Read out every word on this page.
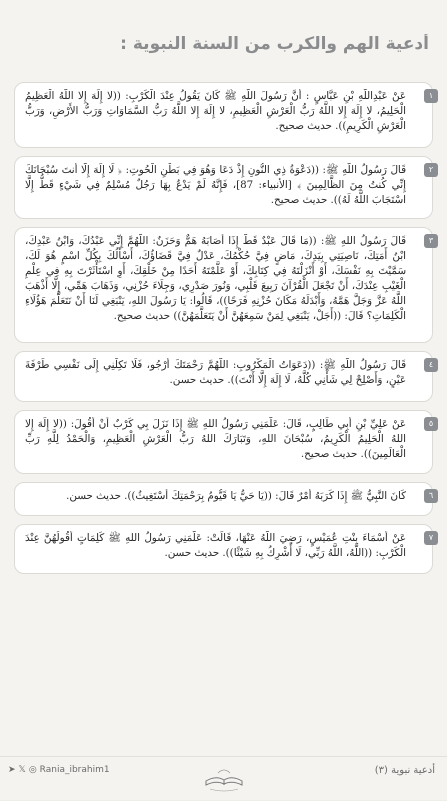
أدعية الهم والكرب من السنة النبوية :
١
عَنْ عَبْدِاللَّهِ بْنِ عَبَّاسٍ : أَنَّ رَسُولَ اللَّهِ ﷺ كَانَ يَقُولُ عِنْدَ الْكَرْبِ: ((لا إِلَهَ إِلا اللَّهُ الْعَظِيمُ الْحَلِيمُ، لا إِلَهَ إِلا اللَّهُ رَبُّ الْعَرْشِ الْعَظِيمِ، لا إِلَهَ إِلا اللَّهُ رَبُّ السَّمَاوَاتِ وَرَبُّ الأَرْضِ، وَرَبُّ الْعَرْشِ الْكَرِيمِ)). حديث صحيح.
٢
قَالَ رَسُولُ اللَّهِ ﷺ: ((دَعْوَةُ ذِي النُّونِ إِذْ دَعَا وَهُوَ فِي بَطْنِ الْحُوتِ: ﴿ لَا إِلَهَ إِلَّا أَنتَ سُبْحَانَكَ إِنِّي كُنتُ مِنَ الظَّالِمِينَ ﴾ [الأنبياء: 87]، فَإِنَّهُ لَمْ يَدْعُ بِهَا رَجُلٌ مُسْلِمٌ فِي شَيْءٍ قَطُّ إِلَّا اسْتَجَابَ اللَّهُ لَهُ)). حديث صحيح.
٣
قَالَ رَسُولُ اللهِ ﷺ: ((مَا قَالَ عَبْدٌ قَطُّ إِذَا أَصَابَهُ هَمٌّ وَحَزَنٌ: اللَّهُمَّ إِنِّي عَبْدُكَ، وَابْنُ عَبْدِكَ، ابْنُ أَمَتِكَ، نَاصِيَتِي بِيَدِكَ، مَاضٍ فِيَّ حُكْمُكَ، عَدْلٌ فِيَّ قَضَاؤُكَ، أَسْأَلُكَ بِكُلِّ اسْمٍ هُوَ لَكَ، سَمَّيْتَ بِهِ نَفْسَكَ، أَوْ أَنْزَلْتَهُ فِي كِتَابِكَ، أَوْ عَلَّمْتَهُ أَحَدًا مِنْ خَلْقِكَ، أَوِ اسْتَأْثَرْتَ بِهِ فِي عِلْمِ الْغَيْبِ عِنْدَكَ، أَنْ تَجْعَلَ الْقُرْآنَ رَبِيعَ قَلْبِي، وَنُورَ صَدْرِي، وَجِلَاءَ حُزْنِي، وَذَهَابَ هَمِّي، إِلَّا أَذْهَبَ اللَّهُ عَزَّ وَجَلَّ هَمَّهُ، وَأَبْدَلَهُ مَكَانَ حُزْنِهِ فَرَحًا))، قَالُوا: يَا رَسُولَ اللهِ، يَنْبَغِي لَنَا أَنْ نَتَعَلَّمَ هَؤُلَاءِ الْكَلِمَاتِ؟ قَالَ: ((أَجَلْ، يَنْبَغِي لِمَنْ سَمِعَهُنَّ أَنْ يَتَعَلَّمَهُنَّ)) حديث صحيح.
٤
قَالَ رَسُولُ اللَّهِ ﷺ: ((دَعَوَاتُ الْمَكْرُوبِ: اللَّهُمَّ رَحْمَتَكَ أَرْجُو، فَلَا تَكِلْنِي إِلَى نَفْسِي طَرْفَةَ عَيْنٍ، وَأَصْلِحْ لِي شَأْنِي كُلَّهُ، لَا إِلَهَ إِلَّا أَنْتَ)). حديث حسن.
٥
عَنْ عَلِيِّ بْنِ أَبِي طَالِبٍ، قَالَ: عَلَّمَنِي رَسُولُ اللهِ ﷺ إِذَا نَزَلَ بِي كَرْبٌ أَنْ أَقُولَ: ((لا إِلَهَ إِلا اللهُ الْحَلِيمُ الْكَرِيمُ، سُبْحَانَ اللهِ، وَتَبَارَكَ اللهُ رَبُّ الْعَرْشِ الْعَظِيمِ، وَالْحَمْدُ لِلَّهِ رَبِّ الْعَالَمِينَ)). حديث صحيح.
٦
كَانَ النَّبِيُّ ﷺ إِذَا كَرَبَهُ أَمْرٌ قَالَ: ((يَا حَيُّ يَا قَيُّومُ بِرَحْمَتِكَ أَسْتَغِيثُ)). حديث حسن.
٧
عَنْ أَسْمَاءَ بِنْتِ عُمَيْسٍ، رَضِيَ اللَّهُ عَنْهَا، قَالَتْ: عَلَّمَنِي رَسُولُ اللهِ ﷺ كَلِمَاتٍ أَقُولُهُنَّ عِنْدَ الْكَرْبِ: ((اللَّهُ، اللَّهُ رَبِّي، لَا أُشْرِكُ بِهِ شَيْئًا)). حديث حسن.
أدعية نبوية (٣)
➤ 𝕏 ◎ Rania_ibrahim1
